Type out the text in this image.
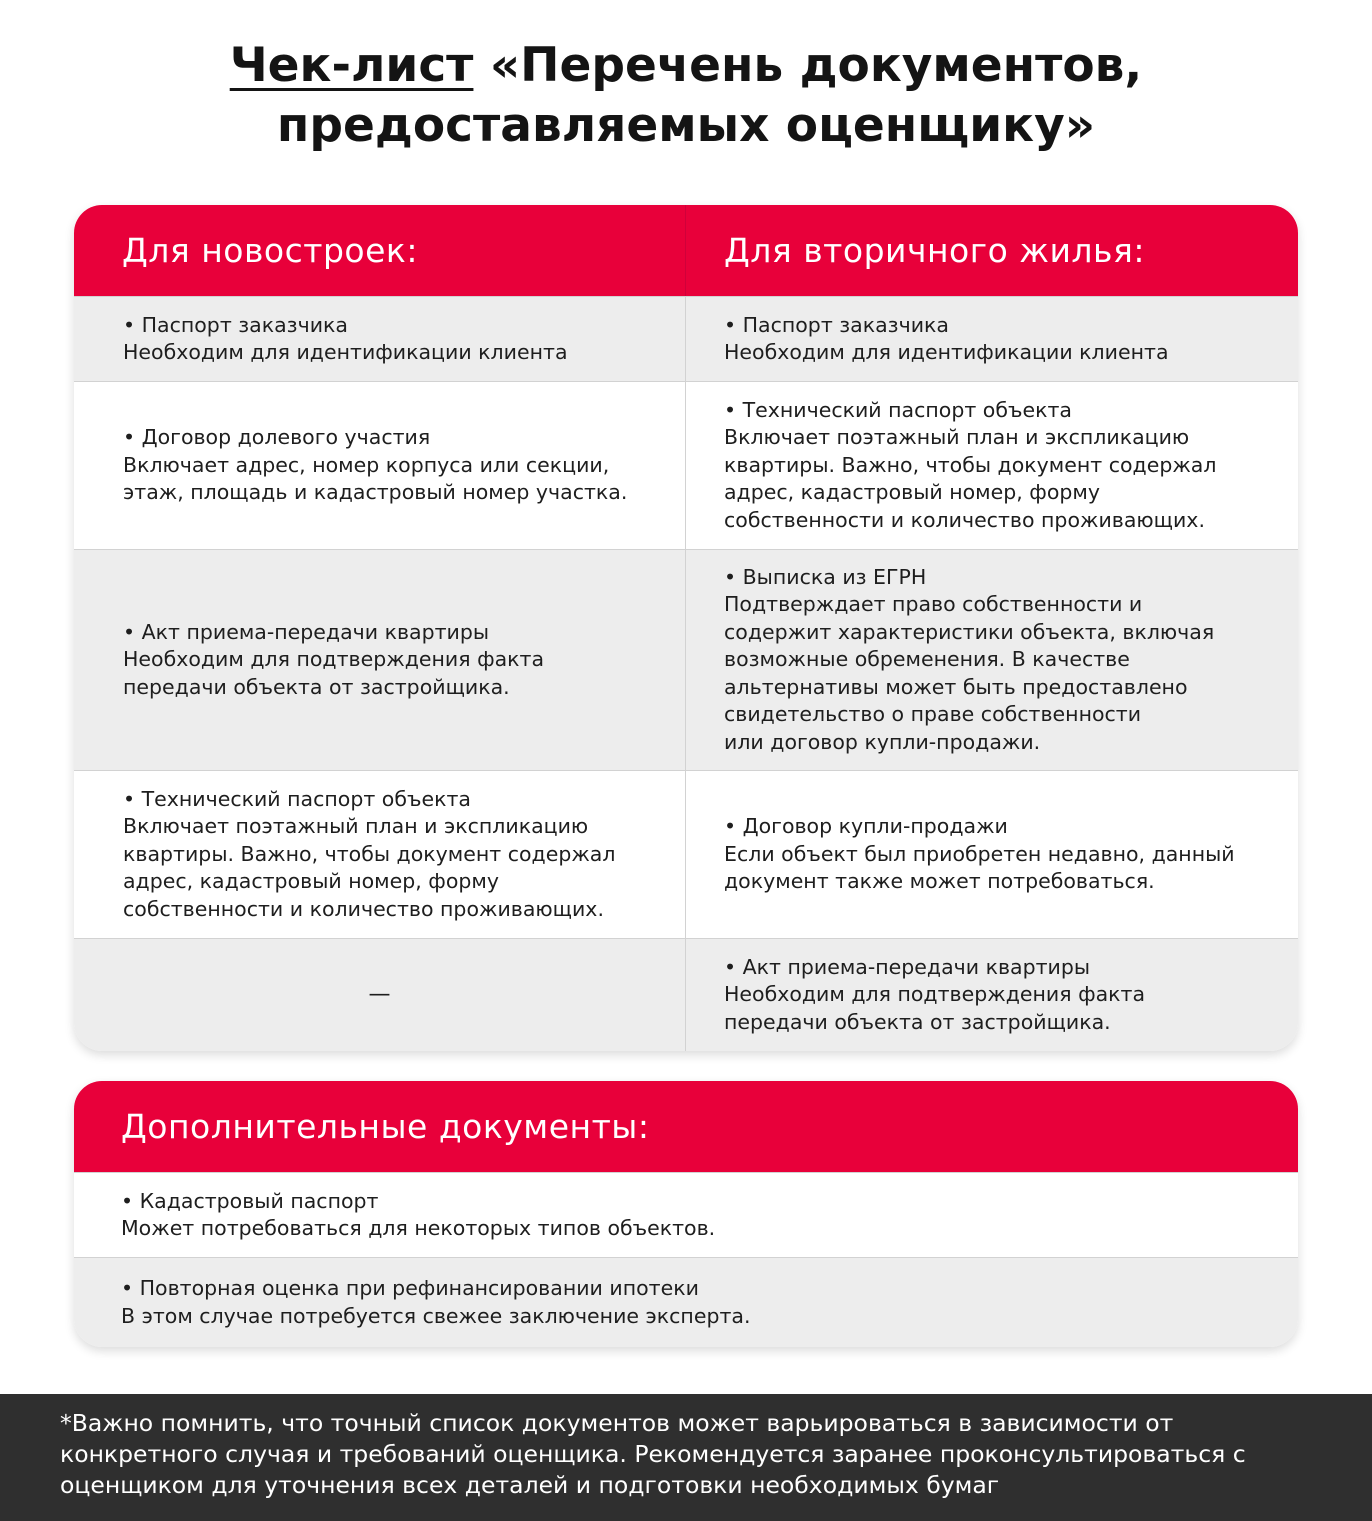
Чек-лист «Перечень документов,
предоставляемых оценщику»
Для новостроек:	Для вторичного жилья:
• Паспорт заказчика
Необходим для идентификации клиента
• Паспорт заказчика
Необходим для идентификации клиента
• Договор долевого участия
Включает адрес, номер корпуса или секции,
этаж, площадь и кадастровый номер участка.
• Технический паспорт объекта
Включает поэтажный план и экспликацию
квартиры. Важно, чтобы документ содержал
адрес, кадастровый номер, форму
собственности и количество проживающих.
• Акт приема-передачи квартиры
Необходим для подтверждения факта
передачи объекта от застройщика.
• Выписка из ЕГРН
Подтверждает право собственности и
содержит характеристики объекта, включая
возможные обременения. В качестве
альтернативы может быть предоставлено
свидетельство о праве собственности
или договор купли-продажи.
• Технический паспорт объекта
Включает поэтажный план и экспликацию
квартиры. Важно, чтобы документ содержал
адрес, кадастровый номер, форму
собственности и количество проживающих.
• Договор купли-продажи
Если объект был приобретен недавно, данный
документ также может потребоваться.
—
• Акт приема-передачи квартиры
Необходим для подтверждения факта
передачи объекта от застройщика.
Дополнительные документы:
• Кадастровый паспорт
Может потребоваться для некоторых типов объектов.
• Повторная оценка при рефинансировании ипотеки
В этом случае потребуется свежее заключение эксперта.
*Важно помнить, что точный список документов может варьироваться в зависимости от конкретного случая и требований оценщика. Рекомендуется заранее проконсультироваться с оценщиком для уточнения всех деталей и подготовки необходимых бумаг
